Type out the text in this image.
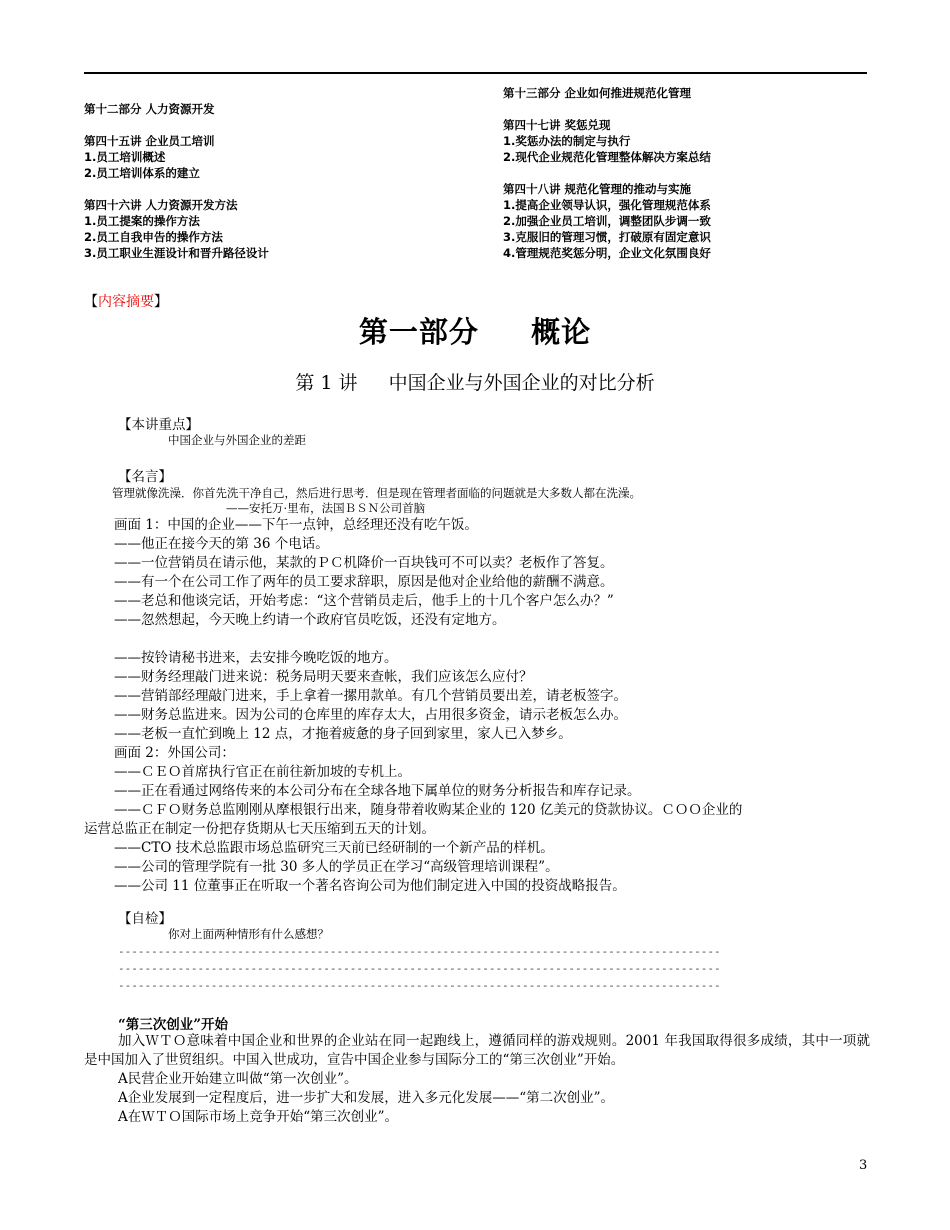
第十二部分 人力资源开发
第四十五讲 企业员工培训
1.员工培训概述
2.员工培训体系的建立
第四十六讲 人力资源开发方法
1.员工提案的操作方法
2.员工自我申告的操作方法
3.员工职业生涯设计和晋升路径设计
第十三部分 企业如何推进规范化管理
第四十七讲 奖惩兑现
1.奖惩办法的制定与执行
2.现代企业规范化管理整体解决方案总结
第四十八讲 规范化管理的推动与实施
1.提高企业领导认识，强化管理规范体系
2.加强企业员工培训，调整团队步调一致
3.克服旧的管理习惯，打破原有固定意识
4.管理规范奖惩分明，企业文化氛围良好
【内容摘要】
第一部分 　 概论
第 1 讲 　 中国企业与外国企业的对比分析
【本讲重点】
中国企业与外国企业的差距
【名言】
管理就像洗澡．你首先洗干净自己，然后进行思考．但是现在管理者面临的问题就是大多数人都在洗澡。
——安托万·里布，法国ＢＳＮ公司首脑
画面 1：中国的企业——下午一点钟，总经理还没有吃午饭。
——他正在接今天的第 36 个电话。
——一位营销员在请示他，某款的ＰＣ机降价一百块钱可不可以卖？老板作了答复。
——有一个在公司工作了两年的员工要求辞职，原因是他对企业给他的薪酬不满意。
——老总和他谈完话，开始考虑：“这个营销员走后，他手上的十几个客户怎么办？”
——忽然想起，今天晚上约请一个政府官员吃饭，还没有定地方。
——按铃请秘书进来，去安排今晚吃饭的地方。
——财务经理敲门进来说：税务局明天要来查帐，我们应该怎么应付？
——营销部经理敲门进来，手上拿着一摞用款单。有几个营销员要出差，请老板签字。
——财务总监进来。因为公司的仓库里的库存太大，占用很多资金，请示老板怎么办。
——老板一直忙到晚上 12 点，才拖着疲惫的身子回到家里，家人已入梦乡。
画面 2：外国公司：
——ＣＥＯ首席执行官正在前往新加坡的专机上。
——正在看通过网络传来的本公司分布在全球各地下属单位的财务分析报告和库存记录。
——ＣＦＯ财务总监刚刚从摩根银行出来，随身带着收购某企业的 120 亿美元的贷款协议。ＣＯＯ企业的
运营总监正在制定一份把存货期从七天压缩到五天的计划。
——CTO 技术总监跟市场总监研究三天前已经研制的一个新产品的样机。
——公司的管理学院有一批 30 多人的学员正在学习“高级管理培训课程”。
——公司 11 位董事正在听取一个著名咨询公司为他们制定进入中国的投资战略报告。
【自检】
你对上面两种情形有什么感想？
-------------------------------------------------------------------------------------------
-------------------------------------------------------------------------------------------
-------------------------------------------------------------------------------------------
“第三次创业”开始
加入ＷＴＯ意味着中国企业和世界的企业站在同一起跑线上，遵循同样的游戏规则。2001 年我国取得很多成绩，其中一项就是中国加入了世贸组织。中国入世成功，宣告中国企业参与国际分工的“第三次创业”开始。
A民营企业开始建立叫做“第一次创业”。
A企业发展到一定程度后，进一步扩大和发展，进入多元化发展——“第二次创业”。
A在ＷＴＯ国际市场上竞争开始“第三次创业”。
3
